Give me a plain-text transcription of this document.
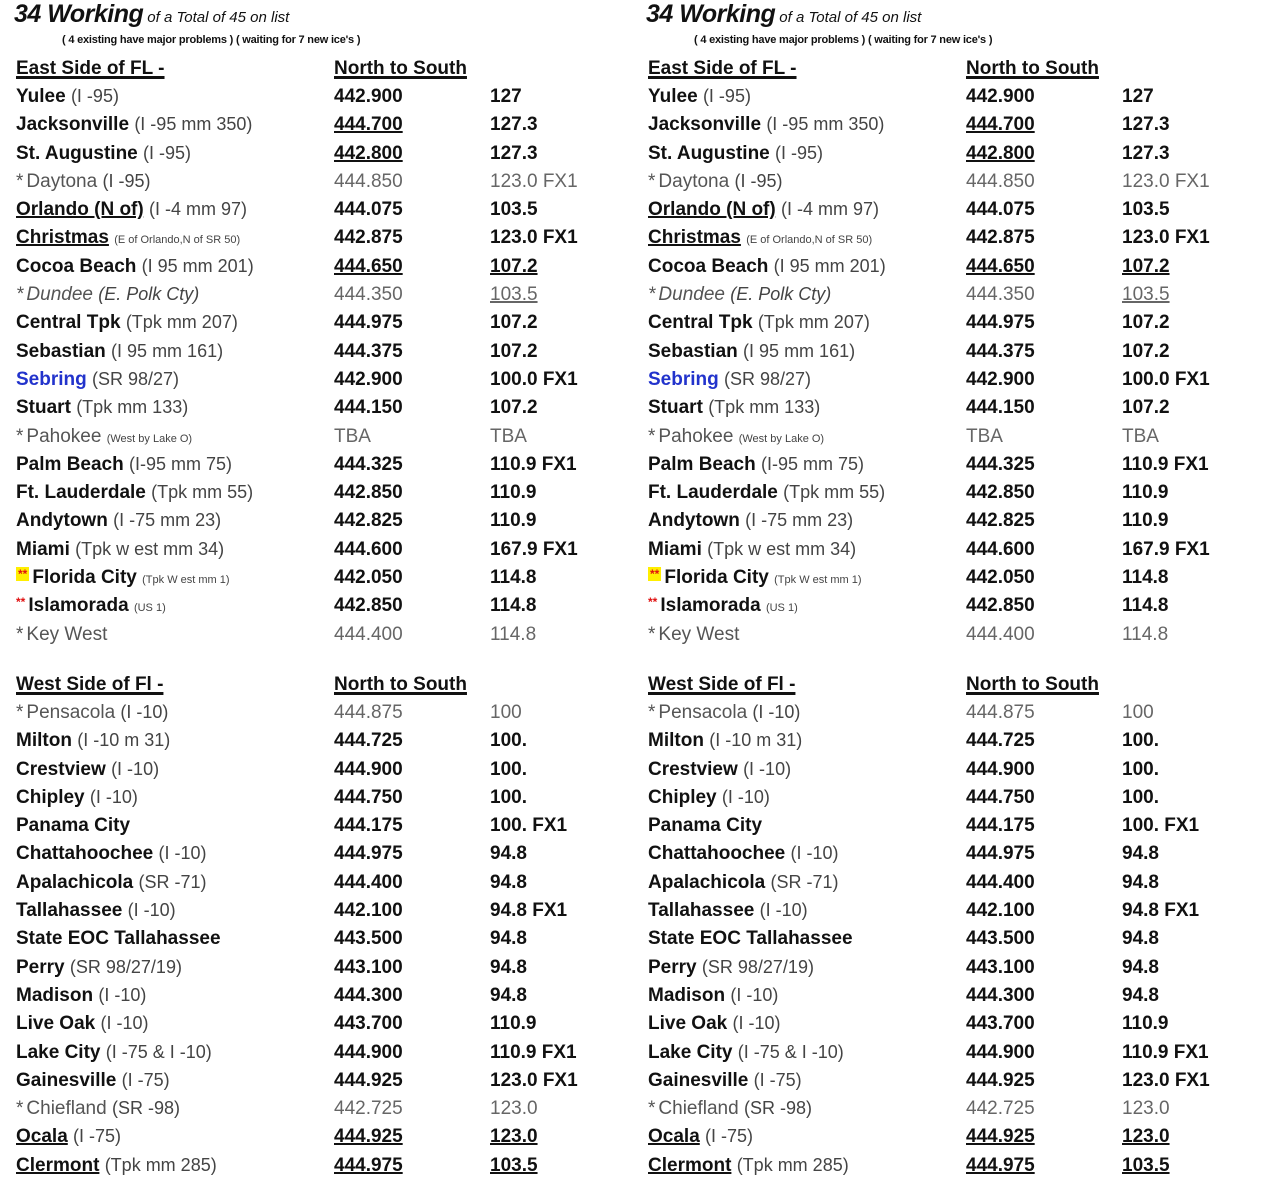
34 Working of a Total of 45 on list
( 4 existing have major problems ) ( waiting for 7 new ice's )
East Side of FL -	North to South
Yulee (I -95)	442.900	127
Jacksonville (I -95 mm 350)	444.700	127.3
St. Augustine (I -95)	442.800	127.3
* Daytona (I -95)	444.850	123.0 FX1
Orlando (N of) (I -4 mm 97)	444.075	103.5
Christmas (E of Orlando,N of SR 50)	442.875	123.0 FX1
Cocoa Beach (I 95 mm 201)	444.650	107.2
* Dundee (E. Polk Cty)	444.350	103.5
Central Tpk (Tpk mm 207)	444.975	107.2
Sebastian (I 95 mm 161)	444.375	107.2
Sebring (SR 98/27)	442.900	100.0 FX1
Stuart (Tpk mm 133)	444.150	107.2
* Pahokee (West by Lake O)	TBA	TBA
Palm Beach (I-95 mm 75)	444.325	110.9 FX1
Ft. Lauderdale (Tpk mm 55)	442.850	110.9
Andytown (I -75 mm 23)	442.825	110.9
Miami (Tpk w est mm 34)	444.600	167.9 FX1
** Florida City (Tpk W est mm 1)	442.050	114.8
** Islamorada (US 1)	442.850	114.8
* Key West	444.400	114.8
West Side of Fl -	North to South
* Pensacola (I -10)	444.875	100
Milton (I -10 m 31)	444.725	100.
Crestview (I -10)	444.900	100.
Chipley (I -10)	444.750	100.
Panama City	444.175	100. FX1
Chattahoochee (I -10)	444.975	94.8
Apalachicola (SR -71)	444.400	94.8
Tallahassee (I -10)	442.100	94.8 FX1
State EOC Tallahassee	443.500	94.8
Perry (SR 98/27/19)	443.100	94.8
Madison (I -10)	444.300	94.8
Live Oak (I -10)	443.700	110.9
Lake City (I -75 & I -10)	444.900	110.9 FX1
Gainesville (I -75)	444.925	123.0 FX1
* Chiefland (SR -98)	442.725	123.0
Ocala (I -75)	444.925	123.0
Clermont (Tpk mm 285)	444.975	103.5
34 Working of a Total of 45 on list
( 4 existing have major problems ) ( waiting for 7 new ice's )
East Side of FL -	North to South
Yulee (I -95)	442.900	127
Jacksonville (I -95 mm 350)	444.700	127.3
St. Augustine (I -95)	442.800	127.3
* Daytona (I -95)	444.850	123.0 FX1
Orlando (N of) (I -4 mm 97)	444.075	103.5
Christmas (E of Orlando,N of SR 50)	442.875	123.0 FX1
Cocoa Beach (I 95 mm 201)	444.650	107.2
* Dundee (E. Polk Cty)	444.350	103.5
Central Tpk (Tpk mm 207)	444.975	107.2
Sebastian (I 95 mm 161)	444.375	107.2
Sebring (SR 98/27)	442.900	100.0 FX1
Stuart (Tpk mm 133)	444.150	107.2
* Pahokee (West by Lake O)	TBA	TBA
Palm Beach (I-95 mm 75)	444.325	110.9 FX1
Ft. Lauderdale (Tpk mm 55)	442.850	110.9
Andytown (I -75 mm 23)	442.825	110.9
Miami (Tpk w est mm 34)	444.600	167.9 FX1
** Florida City (Tpk W est mm 1)	442.050	114.8
** Islamorada (US 1)	442.850	114.8
* Key West	444.400	114.8
West Side of Fl -	North to South
* Pensacola (I -10)	444.875	100
Milton (I -10 m 31)	444.725	100.
Crestview (I -10)	444.900	100.
Chipley (I -10)	444.750	100.
Panama City	444.175	100. FX1
Chattahoochee (I -10)	444.975	94.8
Apalachicola (SR -71)	444.400	94.8
Tallahassee (I -10)	442.100	94.8 FX1
State EOC Tallahassee	443.500	94.8
Perry (SR 98/27/19)	443.100	94.8
Madison (I -10)	444.300	94.8
Live Oak (I -10)	443.700	110.9
Lake City (I -75 & I -10)	444.900	110.9 FX1
Gainesville (I -75)	444.925	123.0 FX1
* Chiefland (SR -98)	442.725	123.0
Ocala (I -75)	444.925	123.0
Clermont (Tpk mm 285)	444.975	103.5
